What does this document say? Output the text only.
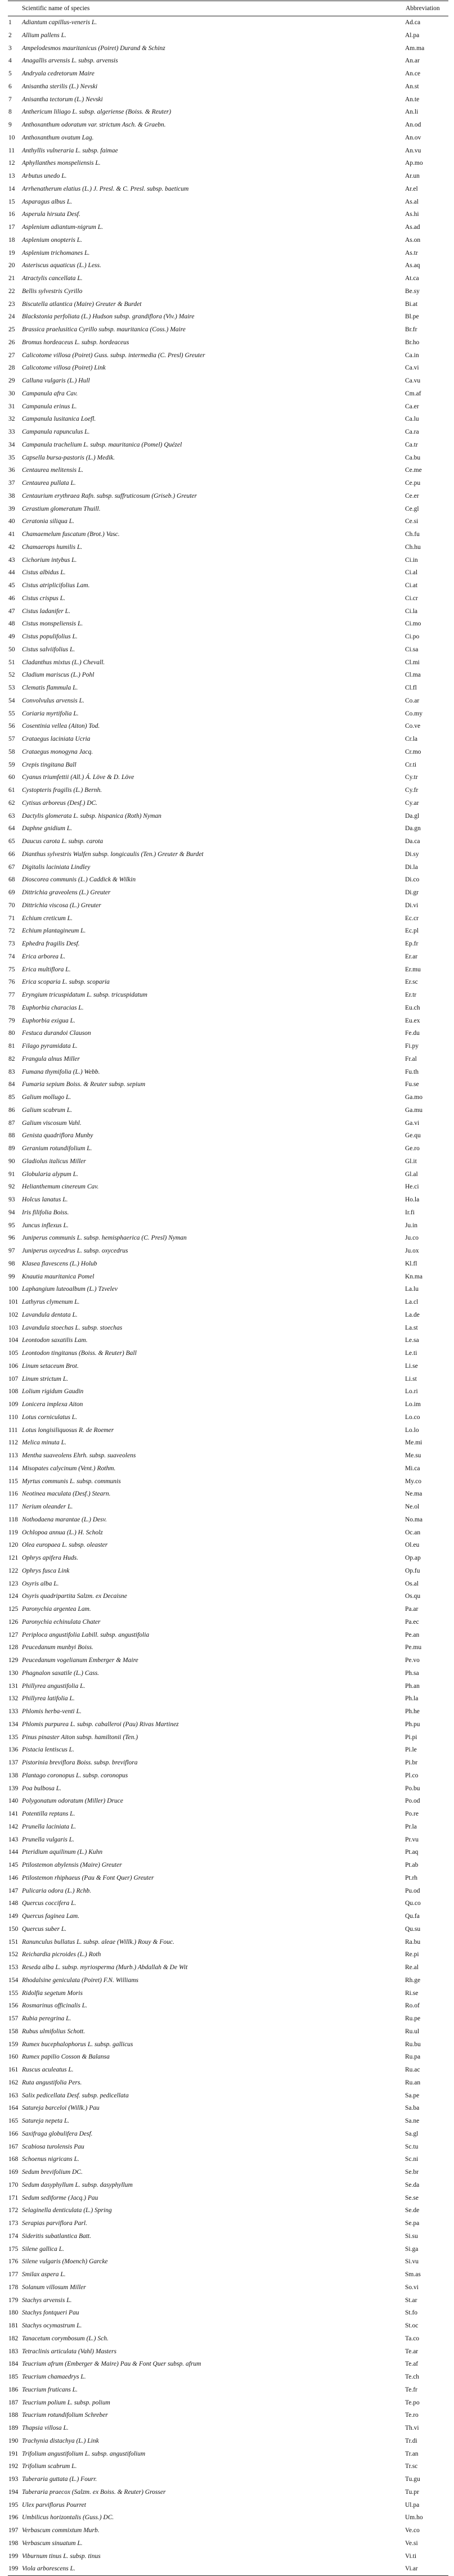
	Scientific name of species	Abbreviation
1	Adiantum capillus-veneris L.	Ad.ca
2	Allium pallens L.	Al.pa
3	Ampelodesmos mauritanicus (Poiret) Durand & Schinz	Am.ma
4	Anagallis arvensis L. subsp. arvensis	An.ar
5	Andryala cedretorum Maire	An.ce
6	Anisantha sterilis (L.) Nevski	An.st
7	Anisantha tectorum (L.) Nevski	An.te
8	Anthericum liliago L. subsp. algeriense (Boiss. & Reuter)	An.li
9	Anthoxanthum odoratum var. strictum Asch. & Graebn.	An.od
10	Anthoxanthum ovatum Lag.	An.ov
11	Anthyllis vulneraria L. subsp. faimae	An.vu
12	Aphyllanthes monspeliensis L.	Ap.mo
13	Arbutus unedo L.	Ar.un
14	Arrhenatherum elatius (L.) J. Presl. & C. Presl. subsp. baeticum	Ar.el
15	Asparagus albus L.	As.al
16	Asperula hirsuta Desf.	As.hi
17	Asplenium adiantum-nigrum L.	As.ad
18	Asplenium onopteris L.	As.on
19	Asplenium trichomanes L.	As.tr
20	Asteriscus aquaticus (L.) Less.	As.aq
21	Atractylis cancellata L.	At.ca
22	Bellis sylvestris Cyrillo	Be.sy
23	Biscutella atlantica (Maire) Greuter & Burdet	Bi.at
24	Blackstonia perfoliata (L.) Hudson subsp. grandiflora (Viv.) Maire	Bl.pe
25	Brassica praelusitica Cyrillo subsp. mauritanica (Coss.) Maire	Br.fr
26	Bromus hordeaceus L. subsp. hordeaceus	Br.ho
27	Calicotome villosa (Poiret) Guss. subsp. intermedia (C. Presl) Greuter	Ca.in
28	Calicotome villosa (Poiret) Link	Ca.vi
29	Calluna vulgaris (L.) Hull	Ca.vu
30	Campanula afra Cav.	Cm.af
31	Campanula erinus L.	Ca.er
32	Campanula lusitanica Loefl.	Ca.lu
33	Campanula rapunculus L.	Ca.ra
34	Campanula trachelium L. subsp. mauritanica (Pomel) Quézel	Ca.tr
35	Capsella bursa-pastoris (L.) Medik.	Ca.bu
36	Centaurea melitensis L.	Ce.me
37	Centaurea pullata L.	Ce.pu
38	Centaurium erythraea Rafn. subsp. suffruticosum (Griseb.) Greuter	Ce.er
39	Cerastium glomeratum Thuill.	Ce.gl
40	Ceratonia siliqua L.	Ce.si
41	Chamaemelum fuscatum (Brot.) Vasc.	Ch.fu
42	Chamaerops humilis L.	Ch.hu
43	Cichorium intybus L.	Ci.in
44	Cistus albidus L.	Ci.al
45	Cistus atriplicifolius Lam.	Ci.at
46	Cistus crispus L.	Ci.cr
47	Cistus ladanifer L.	Ci.la
48	Cistus monspeliensis L.	Ci.mo
49	Cistus populifolius L.	Ci.po
50	Cistus salviifolius L.	Ci.sa
51	Cladanthus mixtus (L.) Chevall.	Cl.mi
52	Cladium mariscus (L.) Pohl	Cl.ma
53	Clematis flammula L.	Cl.fl
54	Convolvulus arvensis L.	Co.ar
55	Coriaria myrtifolia L.	Co.my
56	Cosentinia vellea (Aiton) Tod.	Co.ve
57	Crataegus laciniata Ucria	Cr.la
58	Crataegus monogyna Jacq.	Cr.mo
59	Crepis tingitana Ball	Cr.ti
60	Cyanus triumfettii (All.) Á. Löve & D. Löve	Cy.tr
61	Cystopteris fragilis (L.) Bernh.	Cy.fr
62	Cytisus arboreus (Desf.) DC.	Cy.ar
63	Dactylis glomerata L. subsp. hispanica (Roth) Nyman	Da.gl
64	Daphne gnidium L.	Da.gn
65	Daucus carota L. subsp. carota	Da.ca
66	Dianthus sylvestris Wulfen subsp. longicaulis (Ten.) Greuter & Burdet	Di.sy
67	Digitalis laciniata Lindley	Di.la
68	Dioscorea communis (L.) Caddick & Wilkin	Di.co
69	Dittrichia graveolens (L.) Greuter	Di.gr
70	Dittrichia viscosa (L.) Greuter	Di.vi
71	Echium creticum L.	Ec.cr
72	Echium plantagineum L.	Ec.pl
73	Ephedra fragilis Desf.	Ep.fr
74	Erica arborea L.	Er.ar
75	Erica multiflora L.	Er.mu
76	Erica scoparia L. subsp. scoparia	Er.sc
77	Eryngium tricuspidatum L. subsp. tricuspidatum	Er.tr
78	Euphorbia characias L.	Eu.ch
79	Euphorbia exigua L.	Eu.ex
80	Festuca durandoi Clauson	Fe.du
81	Filago pyramidata L.	Fi.py
82	Frangula alnus Miller	Fr.al
83	Fumana thymifolia (L.) Webb.	Fu.th
84	Fumaria sepium Boiss. & Reuter subsp. sepium	Fu.se
85	Galium mollugo L.	Ga.mo
86	Galium scabrum L.	Ga.mu
87	Galium viscosum Vahl.	Ga.vi
88	Genista quadriflora Munby	Ge.qu
89	Geranium rotundifolium L.	Ge.ro
90	Gladiolus italicus Miller	Gl.it
91	Globularia alypum L.	Gl.al
92	Helianthemum cinereum Cav.	He.ci
93	Holcus lanatus L.	Ho.la
94	Iris filifolia Boiss.	Ir.fi
95	Juncus inflexus L.	Ju.in
96	Juniperus communis L. subsp. hemisphaerica (C. Presl) Nyman	Ju.co
97	Juniperus oxycedrus L. subsp. oxycedrus	Ju.ox
98	Klasea flavescens (L.) Holub	Kl.fl
99	Knautia mauritanica Pomel	Kn.ma
100	Laphangium luteoalbum (L.) Tzvelev	La.lu
101	Lathyrus clymenum L.	La.cl
102	Lavandula dentata L.	La.de
103	Lavandula stoechas L. subsp. stoechas	La.st
104	Leontodon saxatilis Lam.	Le.sa
105	Leontodon tingitanus (Boiss. & Reuter) Ball	Le.ti
106	Linum setaceum Brot.	Li.se
107	Linum strictum L.	Li.st
108	Lolium rigidum Gaudin	Lo.ri
109	Lonicera implexa Aiton	Lo.im
110	Lotus corniculatus L.	Lo.co
111	Lotus longisiliquosus R. de Roemer	Lo.lo
112	Melica minuta L.	Me.mi
113	Mentha suaveolens Ehrh. subsp. suaveolens	Me.su
114	Misopates calycinum (Vent.) Rothm.	Mi.ca
115	Myrtus communis L. subsp. communis	My.co
116	Neotinea maculata (Desf.) Stearn.	Ne.ma
117	Nerium oleander L.	Ne.ol
118	Nothodaena marantae (L.) Desv.	No.ma
119	Ochlopoa annua (L.) H. Scholz	Oc.an
120	Olea europaea L. subsp. oleaster	Ol.eu
121	Ophrys apifera Huds.	Op.ap
122	Ophrys fusca Link	Op.fu
123	Osyris alba L.	Os.al
124	Osyris quadripartita Salzm. ex Decaisne	Os.qu
125	Paronychia argentea Lam.	Pa.ar
126	Paronychia echinulata Chater	Pa.ec
127	Periploca angustifolia Labill. subsp. angustifolia	Pe.an
128	Peucedanum munbyi Boiss.	Pe.mu
129	Peucedanum vogelianum Emberger & Maire	Pe.vo
130	Phagnalon saxatile (L.) Cass.	Ph.sa
131	Phillyrea angustifolia L.	Ph.an
132	Phillyrea latifolia L.	Ph.la
133	Phlomis herba-venti L.	Ph.he
134	Phlomis purpurea L. subsp. caballeroi (Pau) Rivas Martinez	Ph.pu
135	Pinus pinaster Aiton subsp. hamiltonii (Ten.)	Pi.pi
136	Pistacia lentiscus L.	Pi.le
137	Pistorinia breviflora Boiss. subsp. breviflora	Pi.br
138	Plantago coronopus L. subsp. coronopus	Pl.co
139	Poa bulbosa L.	Po.bu
140	Polygonatum odoratum (Miller) Druce	Po.od
141	Potentilla reptans L.	Po.re
142	Prunella laciniata L.	Pr.la
143	Prunella vulgaris L.	Pr.vu
144	Pteridium aquilinum (L.) Kuhn	Pt.aq
145	Ptilostemon abylensis (Maire) Greuter	Pt.ab
146	Ptilostemon rhiphaeus (Pau & Font Quer) Greuter	Pt.rh
147	Pulicaria odora (L.) Rchb.	Pu.od
148	Quercus coccifera L.	Qu.co
149	Quercus faginea Lam.	Qu.fa
150	Quercus suber L.	Qu.su
151	Ranunculus bullatus L. subsp. aleae (Willk.) Rouy & Fouc.	Ra.bu
152	Reichardia picroides (L.) Roth	Re.pi
153	Reseda alba L. subsp. myriosperma (Murb.) Abdallah & De Wit	Re.al
154	Rhodalsine geniculata (Poiret) F.N. Williams	Rh.ge
155	Ridolfia segetum Moris	Ri.se
156	Rosmarinus officinalis L.	Ro.of
157	Rubia peregrina L.	Ru.pe
158	Rubus ulmifolius Schott.	Ru.ul
159	Rumex bucephalophorus L. subsp. gallicus	Ru.bu
160	Rumex papilio Cosson & Balansa	Ru.pa
161	Ruscus aculeatus L.	Ru.ac
162	Ruta angustifolia Pers.	Ru.an
163	Salix pedicellata Desf. subsp. pedicellata	Sa.pe
164	Satureja barceloi (Willk.) Pau	Sa.ba
165	Satureja nepeta L.	Sa.ne
166	Saxifraga globulifera Desf.	Sa.gl
167	Scabiosa turolensis Pau	Sc.tu
168	Schoenus nigricans L.	Sc.ni
169	Sedum brevifolium DC.	Se.br
170	Sedum dasyphyllum L. subsp. dasyphyllum	Se.da
171	Sedum sediforme (Jacq.) Pau	Se.se
172	Selaginella denticulata (L.) Spring	Se.de
173	Serapias parviflora Parl.	Se.pa
174	Sideritis subatlantica Batt.	Si.su
175	Silene gallica L.	Si.ga
176	Silene vulgaris (Moench) Garcke	Si.vu
177	Smilax aspera L.	Sm.as
178	Solanum villosum Miller	So.vi
179	Stachys arvensis L.	St.ar
180	Stachys fontqueri Pau	St.fo
181	Stachys ocymastrum L.	St.oc
182	Tanacetum corymbosum (L.) Sch.	Ta.co
183	Tetraclinis articulata (Vahl) Masters	Te.ar
184	Teucrium afrum (Emberger & Maire) Pau & Font Quer subsp. afrum	Te.af
185	Teucrium chamaedrys L.	Te.ch
186	Teucrium fruticans L.	Te.fr
187	Teucrium polium L. subsp. polium	Te.po
188	Teucrium rotundifolium Schreber	Te.ro
189	Thapsia villosa L.	Th.vi
190	Trachynia distachya (L.) Link	Tr.di
191	Trifolium angustifolium L. subsp. angustifolium	Tr.an
192	Trifolium scabrum L.	Tr.sc
193	Tuberaria guttata (L.) Fourr.	Tu.gu
194	Tuberaria praecox (Salzm. ex Boiss. & Reuter) Grosser	Tu.pr
195	Ulex parviflorus Pourret	Ul.pa
196	Umbilicus horizontalis (Guss.) DC.	Um.ho
197	Verbascum commixtum Murb.	Ve.co
198	Verbascum sinuatum L.	Ve.si
199	Viburnum tinus L. subsp. tinus	Vi.ti
199	Viola arborescens L.	Vi.ar
